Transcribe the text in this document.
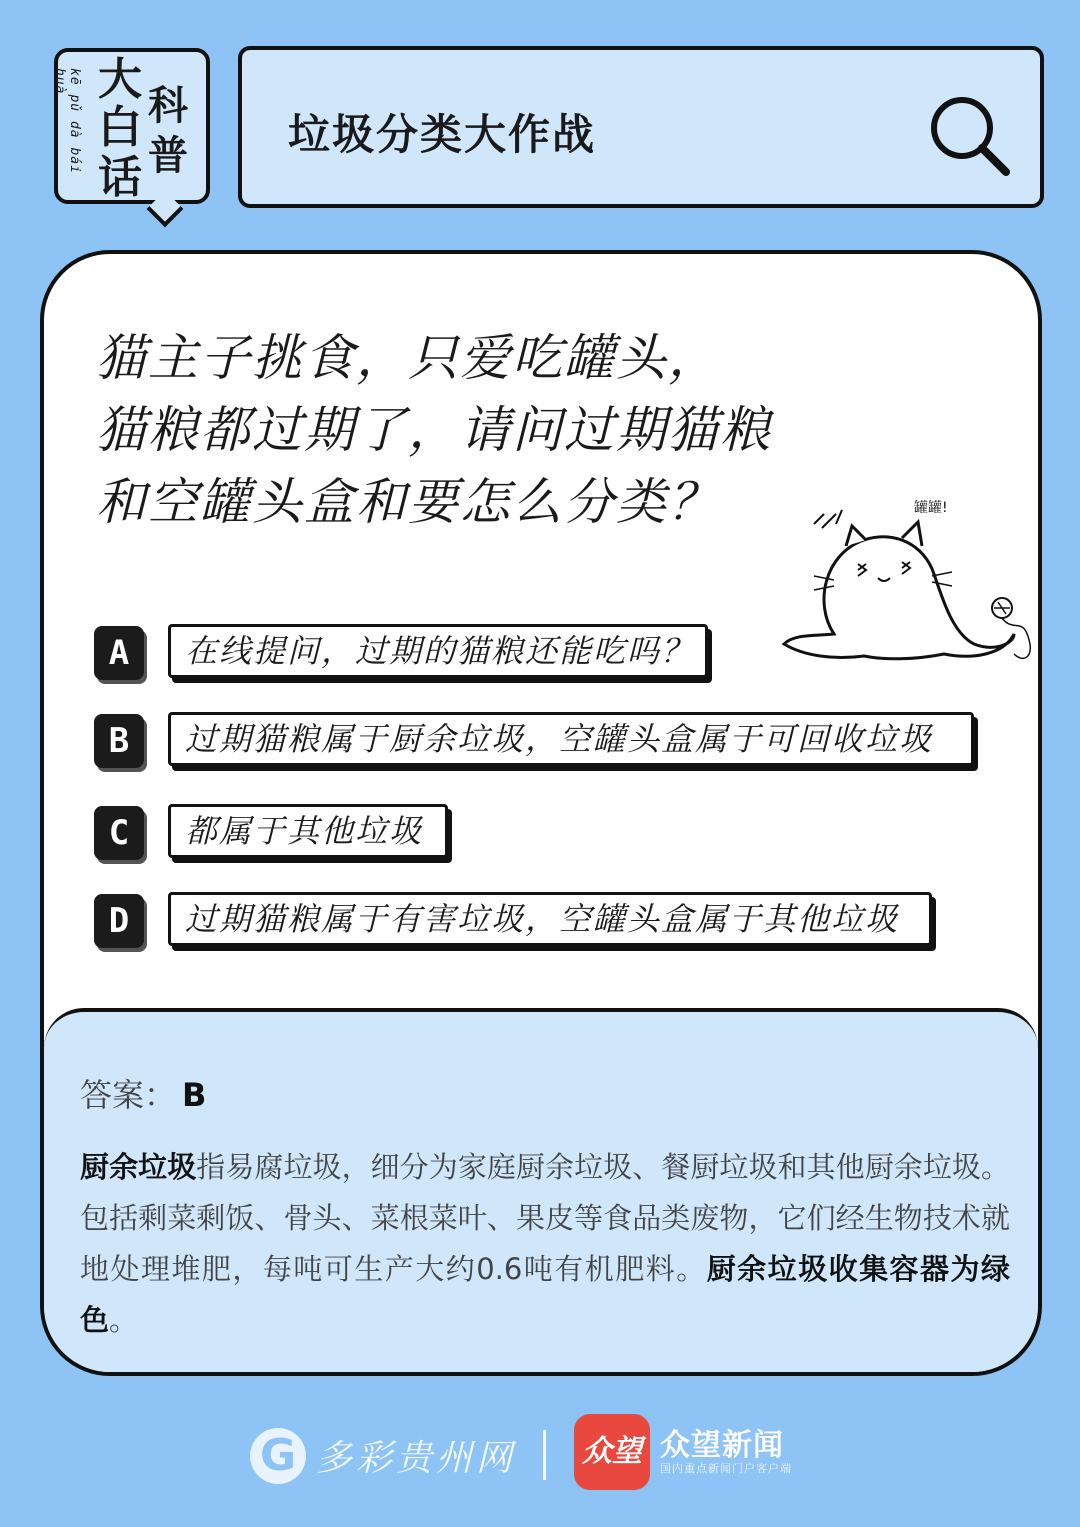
kē pǔ dà bái huà 大
科
白
普
话
垃圾分类大作战
猫主子挑食，只爱吃罐头，
猫粮都过期了，请问过期猫粮
和空罐头盒和要怎么分类？	罐罐!
A	在线提问，过期的猫粮还能吃吗？
B	过期猫粮属于厨余垃圾，空罐头盒属于可回收垃圾
C	都属于其他垃圾
D	过期猫粮属于有害垃圾，空罐头盒属于其他垃圾
答案： B
厨余垃圾指易腐垃圾，细分为家庭厨余垃圾、餐厨垃圾和其他厨余垃圾。包括剩菜剩饭、骨头、菜根菜叶、果皮等食品类废物，它们经生物技术就地处理堆肥，每吨可生产大约0.6吨有机肥料。厨余垃圾收集容器为绿色。
G 多彩贵州网 众望 众望新闻
国内重点新闻门户客户端
